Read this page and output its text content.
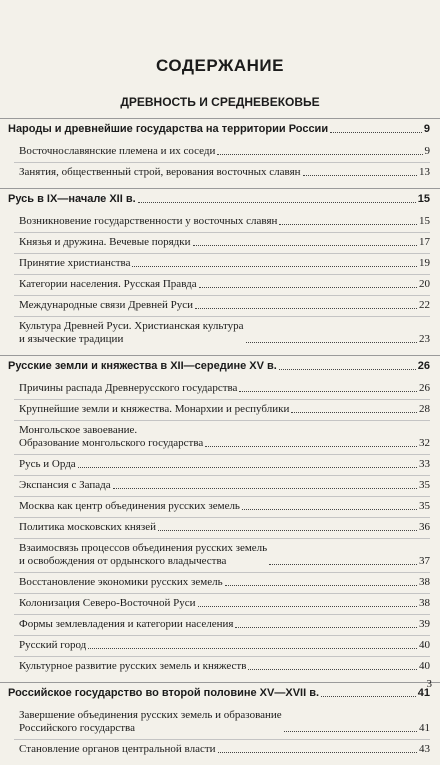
СОДЕРЖАНИЕ
ДРЕВНОСТЬ И СРЕДНЕВЕКОВЬЕ
Народы и древнейшие государства на территории России	9
Восточнославянские племена и их соседи	9
Занятия, общественный строй, верования восточных славян	13
Русь в IX—начале XII в.	15
Возникновение государственности у восточных славян	15
Князья и дружина. Вечевые порядки	17
Принятие христианства	19
Категории населения. Русская Правда	20
Международные связи Древней Руси	22
Культура Древней Руси. Христианская культура
и языческие традиции	23
Русские земли и княжества в XII—середине XV в.	26
Причины распада Древнерусского государства	26
Крупнейшие земли и княжества. Монархии и республики	28
Монгольское завоевание.
Образование монгольского государства	32
Русь и Орда	33
Экспансия с Запада	35
Москва как центр объединения русских земель	35
Политика московских князей	36
Взаимосвязь процессов объединения русских земель
и освобождения от ордынского владычества	37
Восстановление экономики русских земель	38
Колонизация Северо-Восточной Руси	38
Формы землевладения и категории населения	39
Русский город	40
Культурное развитие русских земель и княжеств	40
Российское государство во второй половине XV—XVII в.	41
Завершение объединения русских земель и образование
Российского государства	41
Становление органов центральной власти	43
3
